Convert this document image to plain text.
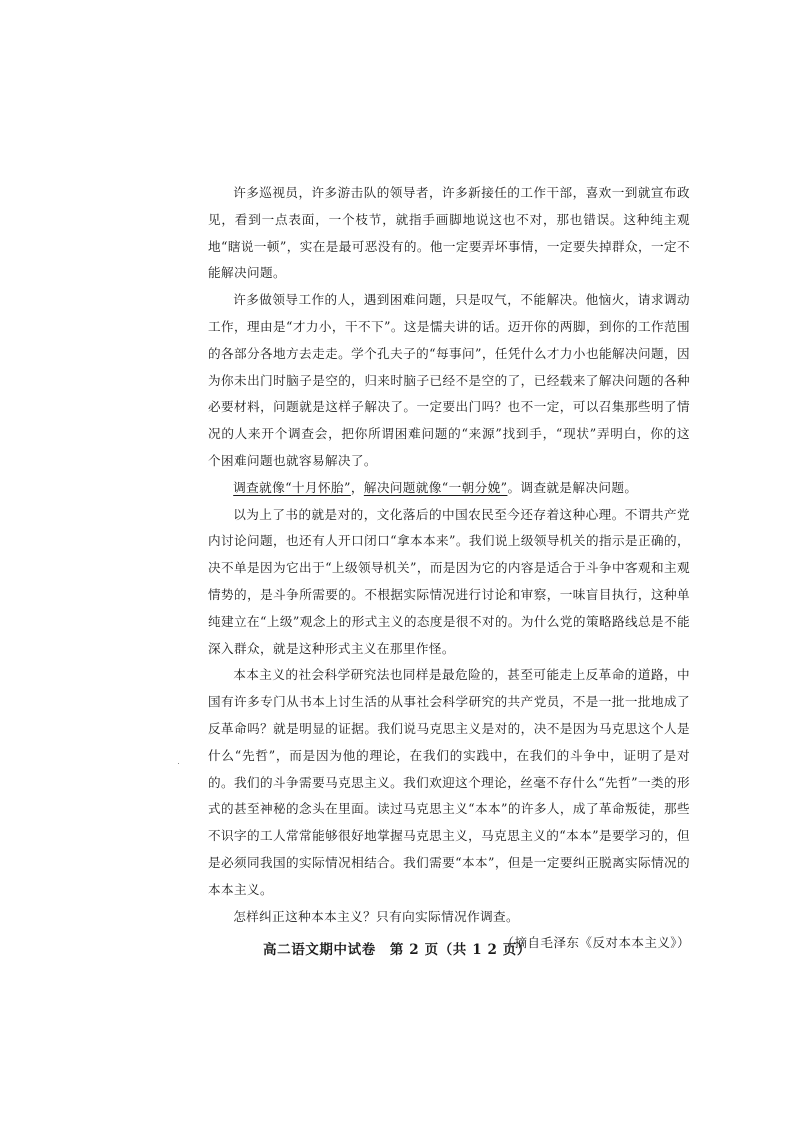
许多巡视员，许多游击队的领导者，许多新接任的工作干部，喜欢一到就宣布政见，看到一点表面，一个枝节，就指手画脚地说这也不对，那也错误。这种纯主观地“瞎说一顿”，实在是最可恶没有的。他一定要弄坏事情，一定要失掉群众，一定不能解决问题。

许多做领导工作的人，遇到困难问题，只是叹气，不能解决。他恼火，请求调动工作，理由是“才力小，干不下”。这是懦夫讲的话。迈开你的两脚，到你的工作范围的各部分各地方去走走。学个孔夫子的“每事问”，任凭什么才力小也能解决问题，因为你未出门时脑子是空的，归来时脑子已经不是空的了，已经载来了解决问题的各种必要材料，问题就是这样子解决了。一定要出门吗？也不一定，可以召集那些明了情况的人来开个调查会，把你所谓困难问题的“来源”找到手，“现状”弄明白，你的这个困难问题也就容易解决了。

调查就像“十月怀胎”，解决问题就像“一朝分娩”。调查就是解决问题。

以为上了书的就是对的，文化落后的中国农民至今还存着这种心理。不谓共产党内讨论问题，也还有人开口闭口“拿本本来”。我们说上级领导机关的指示是正确的，决不单是因为它出于“上级领导机关”，而是因为它的内容是适合于斗争中客观和主观情势的，是斗争所需要的。不根据实际情况进行讨论和审察，一味盲目执行，这种单纯建立在“上级”观念上的形式主义的态度是很不对的。为什么党的策略路线总是不能深入群众，就是这种形式主义在那里作怪。

本本主义的社会科学研究法也同样是最危险的，甚至可能走上反革命的道路，中国有许多专门从书本上讨生活的从事社会科学研究的共产党员，不是一批一批地成了反革命吗？就是明显的证据。我们说马克思主义是对的，决不是因为马克思这个人是什么“先哲”，而是因为他的理论，在我们的实践中，在我们的斗争中，证明了是对的。我们的斗争需要马克思主义。我们欢迎这个理论，丝毫不存什么“先哲”一类的形式的甚至神秘的念头在里面。读过马克思主义“本本”的许多人，成了革命叛徒，那些不识字的工人常常能够很好地掌握马克思主义，马克思主义的“本本”是要学习的，但是必须同我国的实际情况相结合。我们需要“本本”，但是一定要纠正脱离实际情况的本本主义。

怎样纠正这种本本主义？只有向实际情况作调查。

（摘自毛泽东《反对本本主义》）

高二语文期中试卷　第 2 页（共 1 2 页）
